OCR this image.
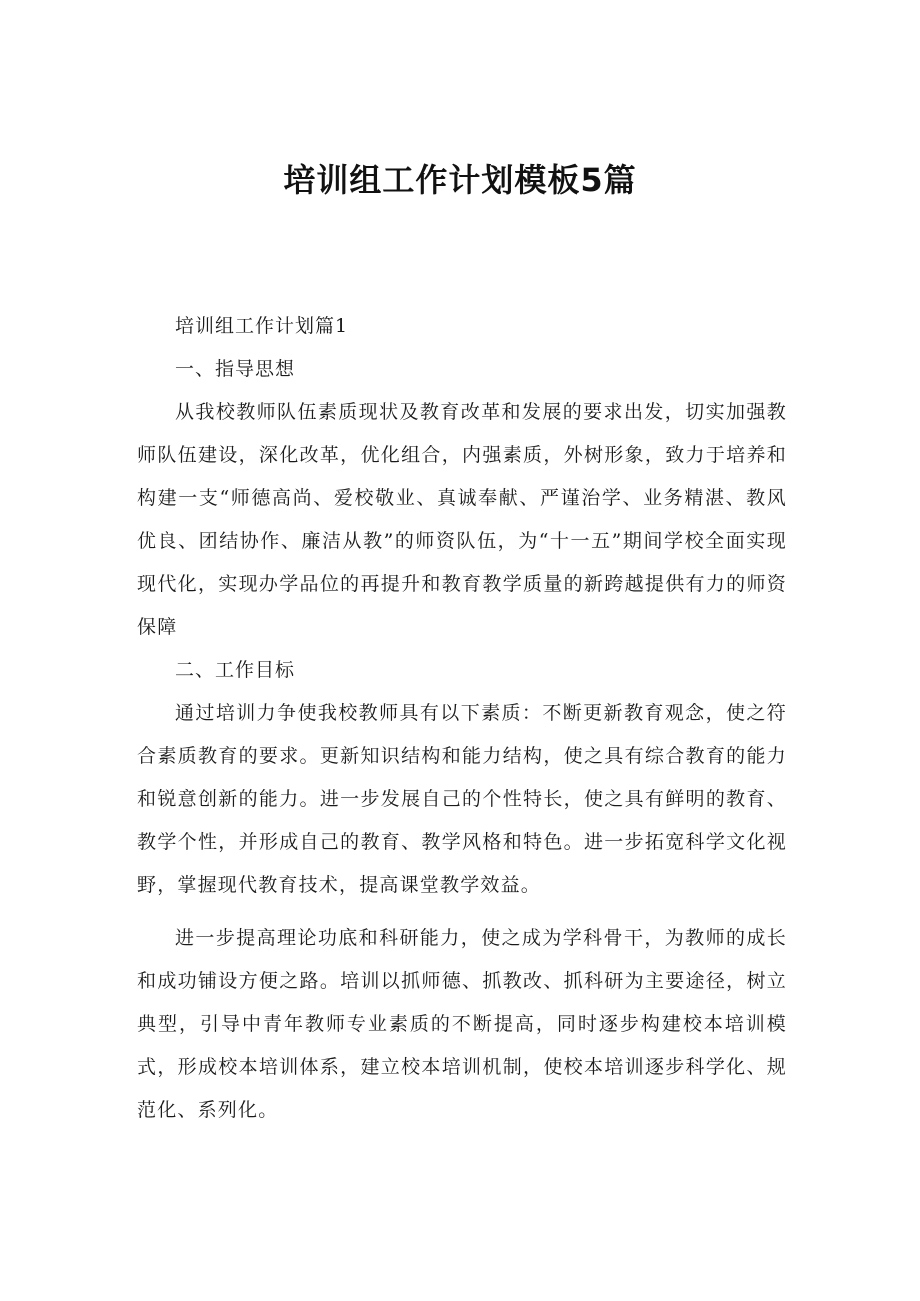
培训组工作计划模板5篇

培训组工作计划篇1

一、指导思想

从我校教师队伍素质现状及教育改革和发展的要求出发，切实加强教师队伍建设，深化改革，优化组合，内强素质，外树形象，致力于培养和构建一支“师德高尚、爱校敬业、真诚奉献、严谨治学、业务精湛、教风优良、团结协作、廉洁从教”的师资队伍，为“十一五”期间学校全面实现现代化，实现办学品位的再提升和教育教学质量的新跨越提供有力的师资保障

二、工作目标

通过培训力争使我校教师具有以下素质：不断更新教育观念，使之符合素质教育的要求。更新知识结构和能力结构，使之具有综合教育的能力和锐意创新的能力。进一步发展自己的个性特长，使之具有鲜明的教育、教学个性，并形成自己的教育、教学风格和特色。进一步拓宽科学文化视野，掌握现代教育技术，提高课堂教学效益。

进一步提高理论功底和科研能力，使之成为学科骨干，为教师的成长和成功铺设方便之路。培训以抓师德、抓教改、抓科研为主要途径，树立典型，引导中青年教师专业素质的不断提高，同时逐步构建校本培训模式，形成校本培训体系，建立校本培训机制，使校本培训逐步科学化、规范化、系列化。
